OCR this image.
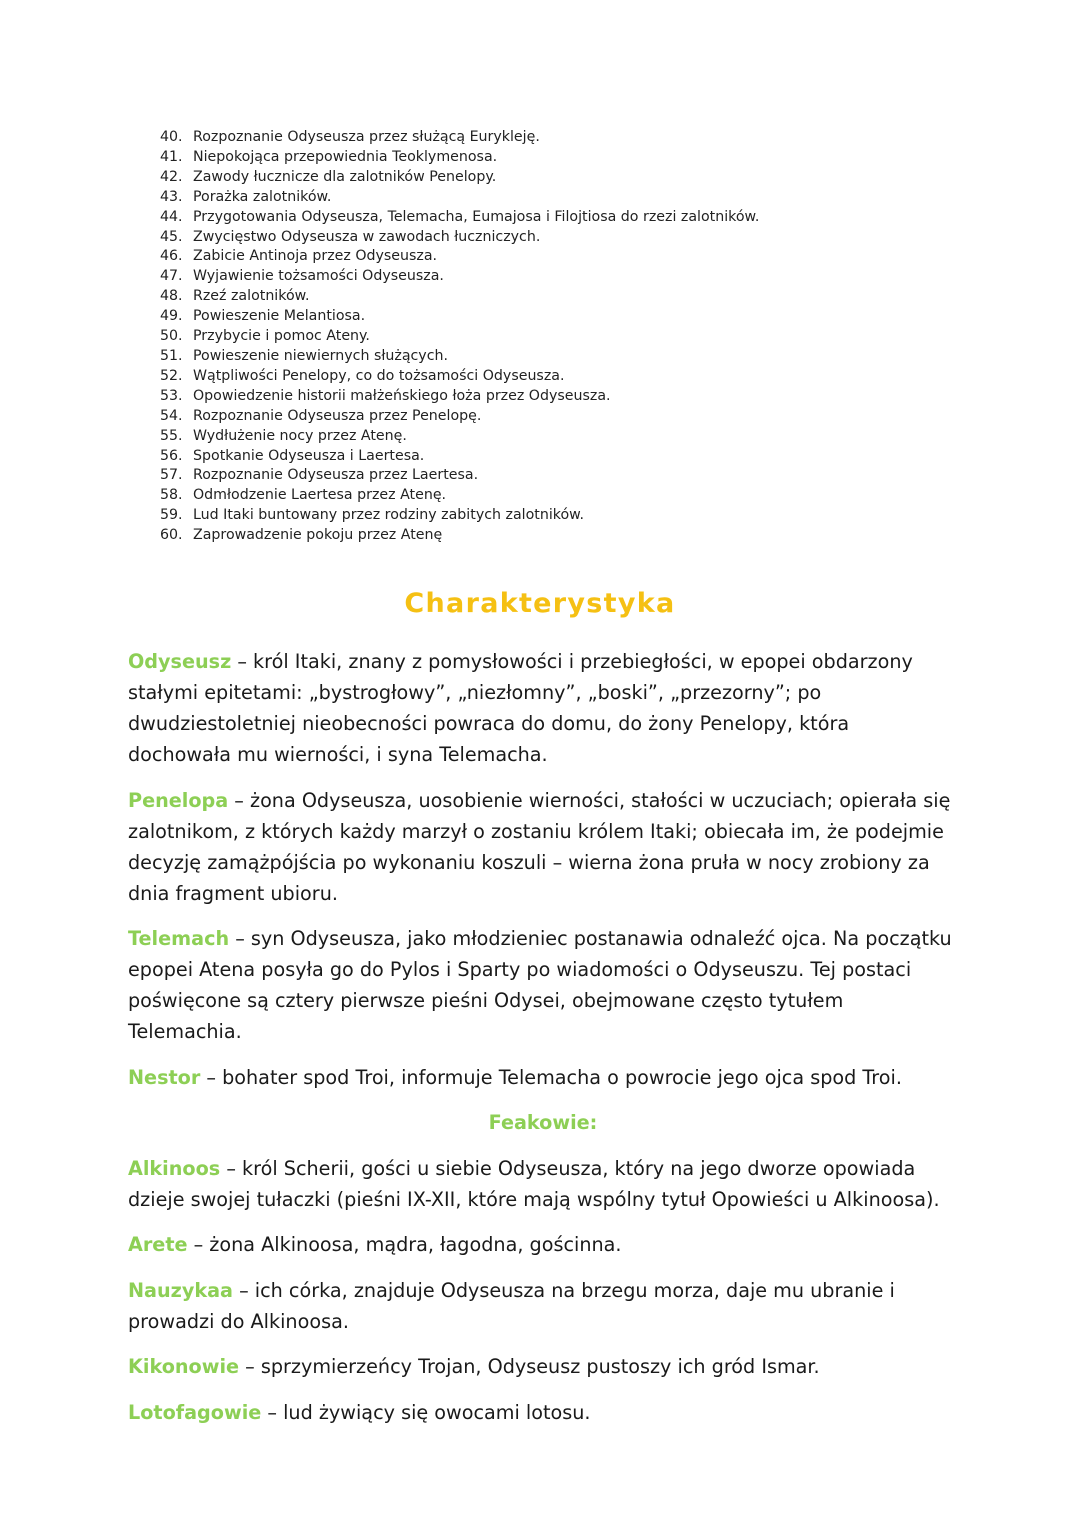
40. Rozpoznanie Odyseusza przez służącą Eurykleję.
41. Niepokojąca przepowiednia Teoklymenosa.
42. Zawody łucznicze dla zalotników Penelopy.
43. Porażka zalotników.
44. Przygotowania Odyseusza, Telemacha, Eumajosa i Filojtiosa do rzezi zalotników.
45. Zwycięstwo Odyseusza w zawodach łuczniczych.
46. Zabicie Antinoja przez Odyseusza.
47. Wyjawienie tożsamości Odyseusza.
48. Rzeź zalotników.
49. Powieszenie Melantiosa.
50. Przybycie i pomoc Ateny.
51. Powieszenie niewiernych służących.
52. Wątpliwości Penelopy, co do tożsamości Odyseusza.
53. Opowiedzenie historii małżeńskiego łoża przez Odyseusza.
54. Rozpoznanie Odyseusza przez Penelopę.
55. Wydłużenie nocy przez Atenę.
56. Spotkanie Odyseusza i Laertesa.
57. Rozpoznanie Odyseusza przez Laertesa.
58. Odmłodzenie Laertesa przez Atenę.
59. Lud Itaki buntowany przez rodziny zabitych zalotników.
60. Zaprowadzenie pokoju przez Atenę
Charakterystyka

Odyseusz – król Itaki, znany z pomysłowości i przebiegłości, w epopei obdarzony stałymi epitetami: „bystrogłowy”, „niezłomny”, „boski”, „przezorny”; po dwudziestoletniej nieobecności powraca do domu, do żony Penelopy, która dochowała mu wierności, i syna Telemacha.

Penelopa – żona Odyseusza, uosobienie wierności, stałości w uczuciach; opierała się zalotnikom, z których każdy marzył o zostaniu królem Itaki; obiecała im, że podejmie decyzję zamążpójścia po wykonaniu koszuli – wierna żona pruła w nocy zrobiony za dnia fragment ubioru.

Telemach – syn Odyseusza, jako młodzieniec postanawia odnaleźć ojca. Na początku epopei Atena posyła go do Pylos i Sparty po wiadomości o Odyseuszu. Tej postaci poświęcone są cztery pierwsze pieśni Odysei, obejmowane często tytułem Telemachia.

Nestor – bohater spod Troi, informuje Telemacha o powrocie jego ojca spod Troi.

Feakowie:

Alkinoos – król Scherii, gości u siebie Odyseusza, który na jego dworze opowiada dzieje swojej tułaczki (pieśni IX-XII, które mają wspólny tytuł Opowieści u Alkinoosa).

Arete – żona Alkinoosa, mądra, łagodna, gościnna.

Nauzykaa – ich córka, znajduje Odyseusza na brzegu morza, daje mu ubranie i prowadzi do Alkinoosa.

Kikonowie – sprzymierzeńcy Trojan, Odyseusz pustoszy ich gród Ismar.

Lotofagowie – lud żywiący się owocami lotosu.
